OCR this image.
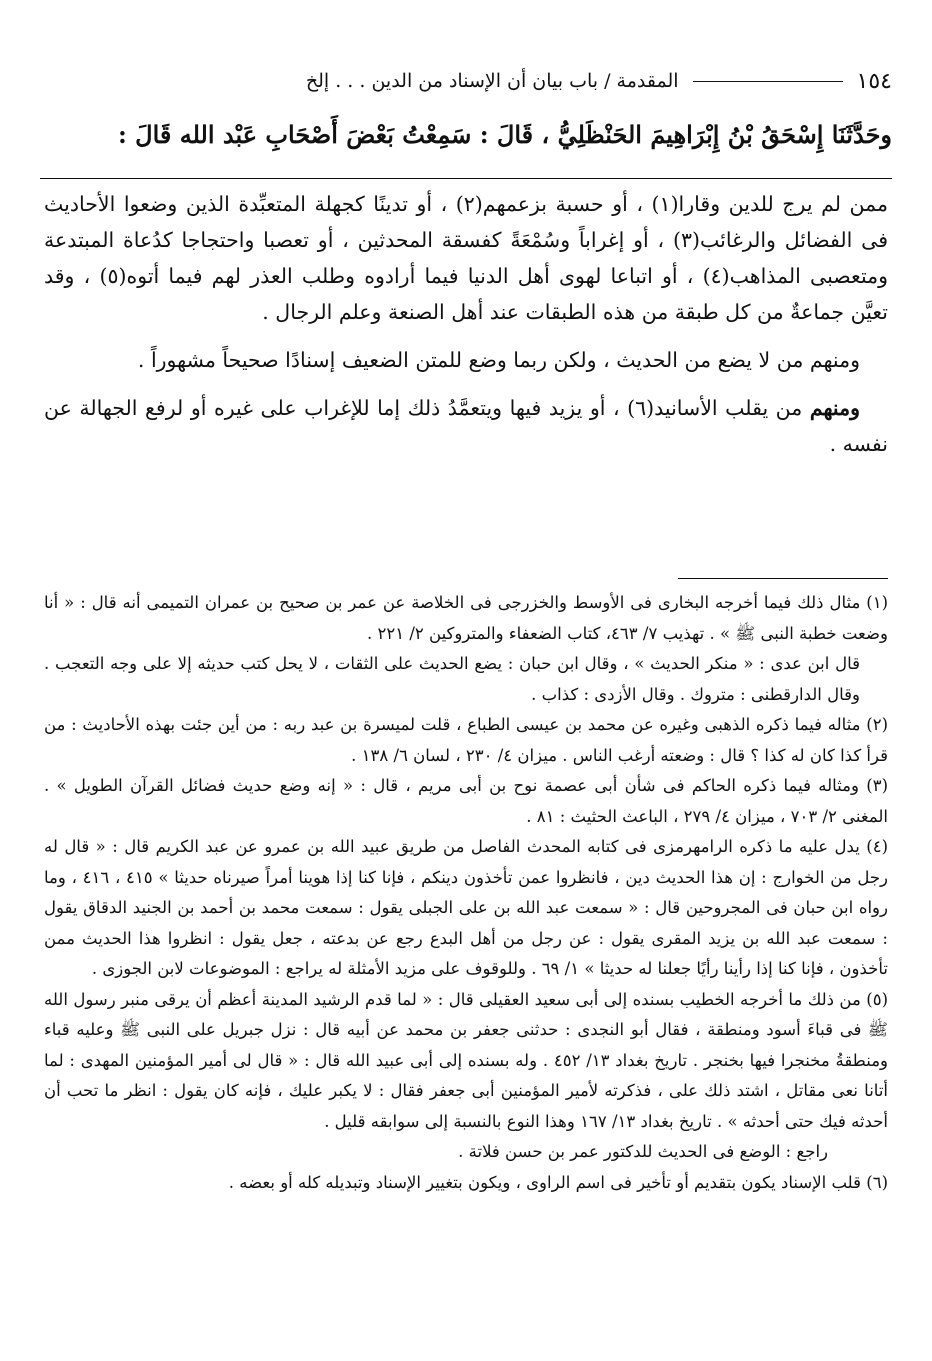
١٥٤
المقدمة / باب بيان أن الإسناد من الدين . . . إلخ
وحَدَّثَنَا إِسْحَقُ بْنُ إِبْرَاهِيمَ الحَنْظَلِيُّ ، قَالَ : سَمِعْتُ بَعْضَ أَصْحَابِ عَبْد الله قَالَ :

ممن لم يرج للدين وقارا(١) ، أو حسبة بزعمهم(٢) ، أو تدينًا كجهلة المتعبِّدة الذين وضعوا الأحاديث فى الفضائل والرغائب(٣) ، أو إغراباً وسُمْعَةً كفسقة المحدثين ، أو تعصبا واحتجاجا كدُعاة المبتدعة ومتعصبى المذاهب(٤) ، أو اتباعا لهوى أهل الدنيا فيما أرادوه وطلب العذر لهم فيما أتوه(٥) ، وقد تعيَّن جماعةٌ من كل طبقة من هذه الطبقات عند أهل الصنعة وعلم الرجال .

ومنهم من لا يضع من الحديث ، ولكن ربما وضع للمتن الضعيف إسنادًا صحيحاً مشهوراً .

ومنهم من يقلب الأسانيد(٦) ، أو يزيد فيها ويتعمَّدُ ذلك إما للإغراب على غيره أو لرفع الجهالة عن نفسه .

(١) مثال ذلك فيما أخرجه البخارى فى الأوسط والخزرجى فى الخلاصة عن عمر بن صحيح بن عمران التميمى أنه قال : « أنا وضعت خطبة النبى ﷺ » . تهذيب ٧/ ٤٦٣، كتاب الضعفاء والمتروكين ٢/ ٢٢١ .

قال ابن عدى : « منكر الحديث » ، وقال ابن حبان : يضع الحديث على الثقات ، لا يحل كتب حديثه إلا على وجه التعجب . وقال الدارقطنى : متروك . وقال الأزدى : كذاب .

(٢) مثاله فيما ذكره الذهبى وغيره عن محمد بن عيسى الطباع ، قلت لميسرة بن عبد ربه : من أين جئت بهذه الأحاديث : من قرأ كذا كان له كذا ؟ قال : وضعته أرغب الناس . ميزان ٤/ ٢٣٠ ، لسان ٦/ ١٣٨ .

(٣) ومثاله فيما ذكره الحاكم فى شأن أبى عصمة نوح بن أبى مريم ، قال : « إنه وضع حديث فضائل القرآن الطويل » . المغنى ٢/ ٧٠٣ ، ميزان ٤/ ٢٧٩ ، الباعث الحثيث : ٨١ .

(٤) يدل عليه ما ذكره الرامهرمزى فى كتابه المحدث الفاصل من طريق عبيد الله بن عمرو عن عبد الكريم قال : « قال له رجل من الخوارج : إن هذا الحديث دين ، فانظروا عمن تأخذون دينكم ، فإنا كنا إذا هوينا أمراً صيرناه حديثا » ٤١٥ ، ٤١٦ ، وما رواه ابن حبان فى المجروحين قال : « سمعت عبد الله بن على الجبلى يقول : سمعت محمد بن أحمد بن الجنيد الدقاق يقول : سمعت عبد الله بن يزيد المقرى يقول : عن رجل من أهل البدع رجع عن بدعته ، جعل يقول : انظروا هذا الحديث ممن تأخذون ، فإنا كنا إذا رأينا رأيًا جعلنا له حديثا » ١/ ٦٩ . وللوقوف على مزيد الأمثلة له يراجع : الموضوعات لابن الجوزى .

(٥) من ذلك ما أخرجه الخطيب بسنده إلى أبى سعيد العقيلى قال : « لما قدم الرشيد المدينة أعظم أن يرقى منبر رسول الله ﷺ فى قباءَ أسود ومنطقة ، فقال أبو النجدى : حدثنى جعفر بن محمد عن أبيه قال : نزل جبريل على النبى ﷺ وعليه قباء ومنطقةُ مخنجرا فيها بخنجر . تاريخ بغداد ١٣/ ٤٥٢ . وله بسنده إلى أبى عبيد الله قال : « قال لى أمير المؤمنين المهدى : لما أتانا نعى مقاتل ، اشتد ذلك على ، فذكرته لأمير المؤمنين أبى جعفر فقال : لا يكبر عليك ، فإنه كان يقول : انظر ما تحب أن أحدثه فيك حتى أحدثه » . تاريخ بغداد ١٣/ ١٦٧ وهذا النوع بالنسبة إلى سوابقه قليل .

راجع : الوضع فى الحديث للدكتور عمر بن حسن فلاتة .

(٦) قلب الإسناد يكون بتقديم أو تأخير فى اسم الراوى ، ويكون بتغيير الإسناد وتبديله كله أو بعضه .
